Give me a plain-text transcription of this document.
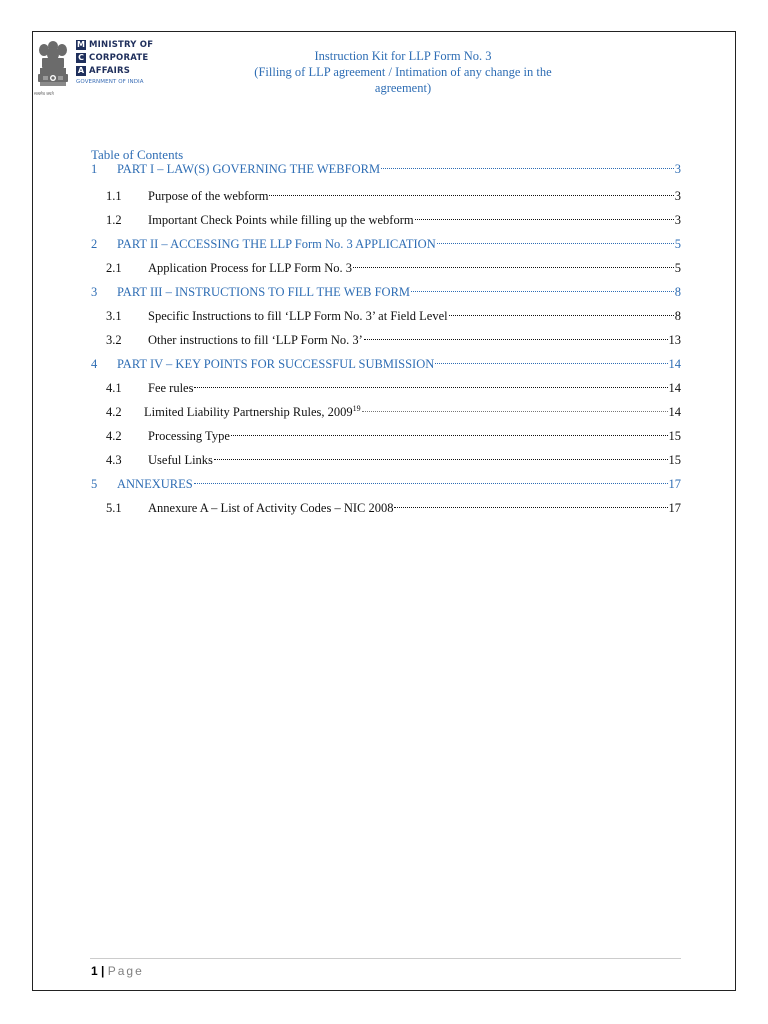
सत्यमेव जयते
M MINISTRY OF
C CORPORATE
A AFFAIRS
GOVERNMENT OF INDIA
Instruction Kit for LLP Form No. 3
(Filling of LLP agreement / Intimation of any change in the
agreement)
Table of Contents
1	PART I – LAW(S) GOVERNING THE WEBFORM	3
1.1	Purpose of the webform	3
1.2	Important Check Points while filling up the webform	3
2	PART II – ACCESSING THE LLP Form No. 3 APPLICATION	5
2.1	Application Process for LLP Form No. 3	5
3	PART III – INSTRUCTIONS TO FILL THE WEB FORM	8
3.1	Specific Instructions to fill ‘LLP Form No. 3’ at Field Level	8
3.2	Other instructions to fill ‘LLP Form No. 3’	13
4	PART IV – KEY POINTS FOR SUCCESSFUL SUBMISSION	14
4.1	Fee rules	14
4.2	Limited Liability Partnership Rules, 2009$^{19}$	14
4.2	Processing Type	15
4.3	Useful Links	15
5	ANNEXURES	17
5.1	Annexure A – List of Activity Codes – NIC 2008	17
1 | Page
